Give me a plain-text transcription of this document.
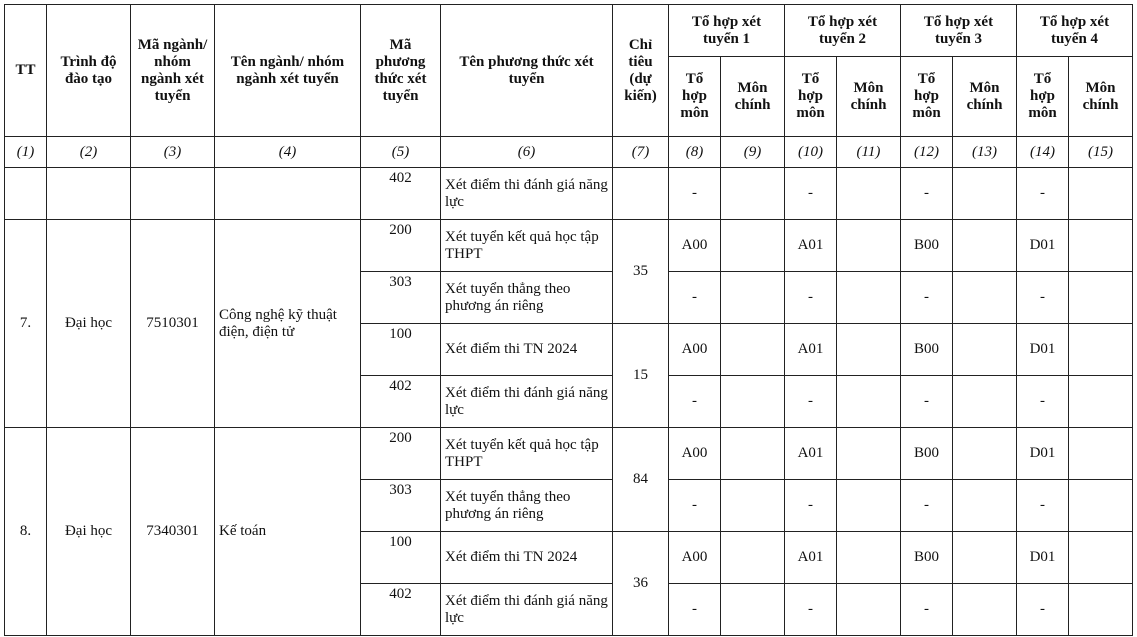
TT	Trình độ đào tạo	Mã ngành/ nhóm ngành xét tuyển	Tên ngành/ nhóm ngành xét tuyển	Mã phương thức xét tuyển	Tên phương thức xét tuyển	Chỉ tiêu (dự kiến)	Tổ hợp xét tuyển 1		Tổ hợp xét tuyển 2		Tổ hợp xét tuyển 3		Tổ hợp xét tuyển 4	
							Tổ hợp môn	Môn chính	Tổ hợp môn	Môn chính	Tổ hợp môn	Môn chính	Tổ hợp môn	Môn chính
(1)	(2)	(3)	(4)	(5)	(6)	(7)	(8)	(9)	(10)	(11)	(12)	(13)	(14)	(15)
				402	Xét điểm thi đánh giá năng lực		-		-		-		-	
7.	Đại học	7510301	Công nghệ kỹ thuật điện, điện tử	200	Xét tuyển kết quả học tập THPT	35	A00		A01		B00		D01	
				303	Xét tuyển thẳng theo phương án riêng		-		-		-		-	
				100	Xét điểm thi TN 2024	15	A00		A01		B00		D01	
				402	Xét điểm thi đánh giá năng lực		-		-		-		-	
8.	Đại học	7340301	Kế toán	200	Xét tuyển kết quả học tập THPT	84	A00		A01		B00		D01	
				303	Xét tuyển thẳng theo phương án riêng		-		-		-		-	
				100	Xét điểm thi TN 2024	36	A00		A01		B00		D01	
				402	Xét điểm thi đánh giá năng lực		-		-		-		-	
